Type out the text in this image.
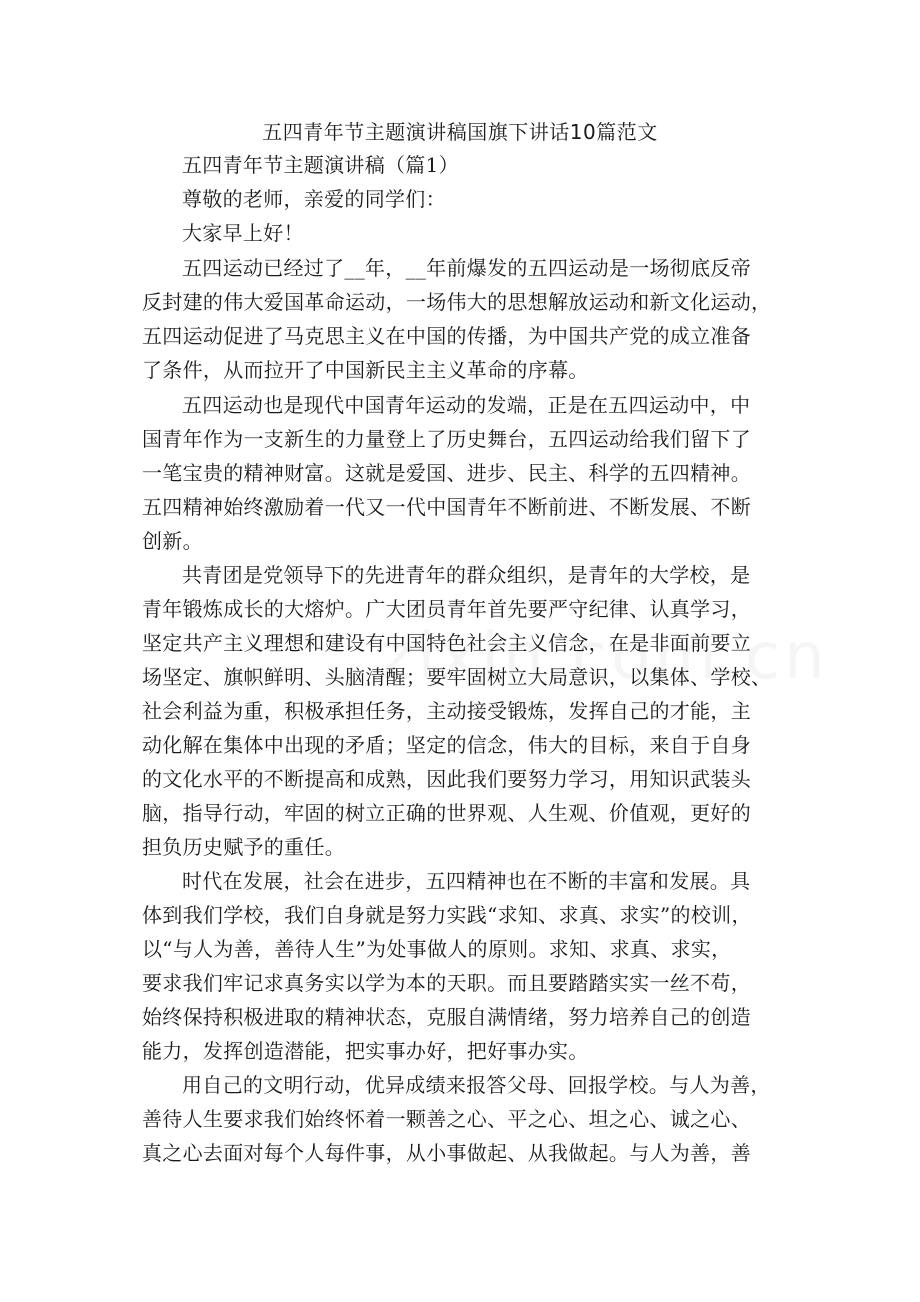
五四青年节主题演讲稿国旗下讲话10篇范文
五四青年节主题演讲稿（篇1）
尊敬的老师，亲爱的同学们：
大家早上好！
五四运动已经过了__年，__年前爆发的五四运动是一场彻底反帝
反封建的伟大爱国革命运动，一场伟大的思想解放运动和新文化运动，
五四运动促进了马克思主义在中国的传播，为中国共产党的成立准备
了条件，从而拉开了中国新民主主义革命的序幕。
五四运动也是现代中国青年运动的发端，正是在五四运动中，中
国青年作为一支新生的力量登上了历史舞台，五四运动给我们留下了
一笔宝贵的精神财富。这就是爱国、进步、民主、科学的五四精神。
五四精神始终激励着一代又一代中国青年不断前进、不断发展、不断
创新。
共青团是党领导下的先进青年的群众组织，是青年的大学校，是
青年锻炼成长的大熔炉。广大团员青年首先要严守纪律、认真学习，
坚定共产主义理想和建设有中国特色社会主义信念，在是非面前要立
场坚定、旗帜鲜明、头脑清醒；要牢固树立大局意识，以集体、学校、
社会利益为重，积极承担任务，主动接受锻炼，发挥自己的才能，主
动化解在集体中出现的矛盾；坚定的信念，伟大的目标，来自于自身
的文化水平的不断提高和成熟，因此我们要努力学习，用知识武装头
脑，指导行动，牢固的树立正确的世界观、人生观、价值观，更好的
担负历史赋予的重任。
时代在发展，社会在进步，五四精神也在不断的丰富和发展。具
体到我们学校，我们自身就是努力实践“求知、求真、求实”的校训，
以“与人为善，善待人生”为处事做人的原则。求知、求真、求实，
要求我们牢记求真务实以学为本的天职。而且要踏踏实实一丝不苟，
始终保持积极进取的精神状态，克服自满情绪，努力培养自己的创造
能力，发挥创造潜能，把实事办好，把好事办实。
用自己的文明行动，优异成绩来报答父母、回报学校。与人为善，
善待人生要求我们始终怀着一颗善之心、平之心、坦之心、诚之心、
真之心去面对每个人每件事，从小事做起、从我做起。与人为善，善
